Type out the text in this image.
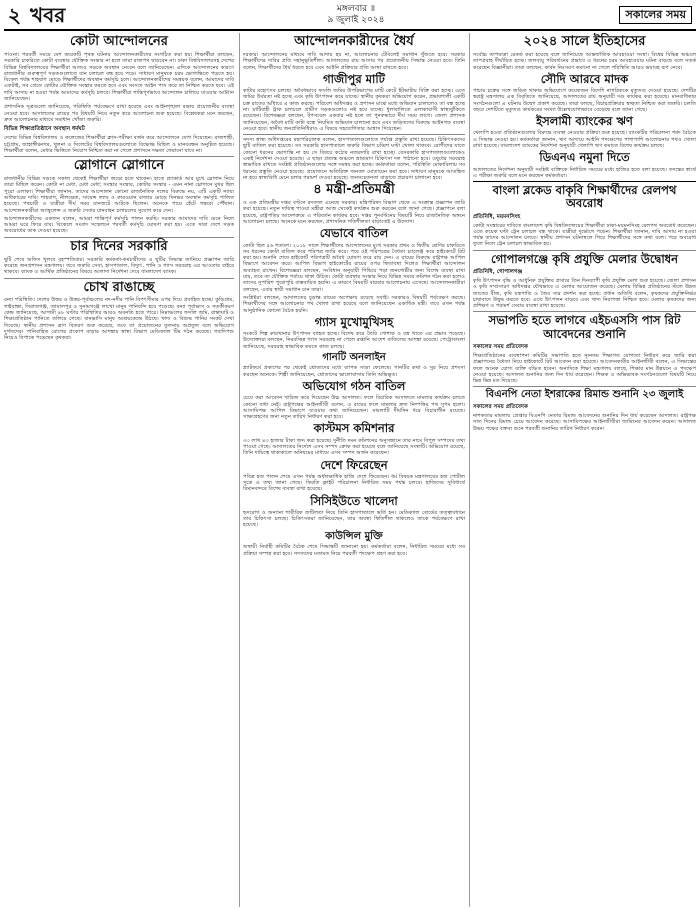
২ খবর	মঙ্গলবার ॥
৯ জুলাই ২০২৪	সকালের সময়
কোটা আন্দোলনের

পাওনা। পরবর্তী সময়ে বেশ কয়েকটি পৃথক ঘটনায় আন্দোলনকারীদের সংগঠিত করা হয়। শিক্ষার্থীরা বলছেন, সরকারি চাকরিতে কোটা ব্যবস্থার যৌক্তিক সংস্কার না হলে তারা রাজপথ ছাড়বেন না। ঢাকা বিশ্ববিদ্যালয়সহ দেশের বিভিন্ন বিশ্ববিদ্যালয়ের শিক্ষার্থীরা আজও সড়কে অবস্থান নেবেন বলে জানিয়েছেন। এদিকে আন্দোলনের কারণে রাজধানীর গুরুত্বপূর্ণ সড়কগুলোতে যান চলাচল বন্ধ হয়ে পড়ে। সাধারণ মানুষকে চরম ভোগান্তিতে পড়তে হয়। বিকেল পর্যন্ত শাহবাগ মোড়ে শিক্ষার্থীদের অবস্থান কর্মসূচি চলে। আন্দোলনকারীদের সমন্বয়ক বলেন, আমাদের দাবি একটাই, সব গ্রেডে কোটার যৌক্তিক সংস্কার করতে হবে এবং সংসদে আইন পাস করে তা নিশ্চিত করতে হবে। এই দাবি আদায় না হওয়া পর্যন্ত আমাদের কর্মসূচি চলবে। শিক্ষার্থীরা শান্তিপূর্ণভাবে আন্দোলন চালিয়ে যাওয়ার আহ্বান জানিয়েছেন।

প্রশাসনিক সূত্রগুলো জানিয়েছে, পরিস্থিতি পর্যবেক্ষণে রাখা হয়েছে এবং আইনশৃঙ্খলা রক্ষায় প্রয়োজনীয় ব্যবস্থা নেওয়া হবে। আদালতের রায়ের পর বিষয়টি নিয়ে নতুন করে আলোচনা শুরু হয়েছে। বিশ্লেষকরা মনে করছেন, দ্রুত আলোচনার মাধ্যমে সমাধান খোঁজা জরুরি।

বিভিন্ন শিক্ষাপ্রতিষ্ঠানে অবস্থান ধর্মঘট

দেশের বিভিন্ন বিশ্ববিদ্যালয় ও কলেজের শিক্ষার্থীরা ক্লাস-পরীক্ষা বর্জন করে আন্দোলনে যোগ দিয়েছেন। রাজশাহী, চট্টগ্রাম, জাহাঙ্গীরনগর, খুলনা ও সিলেটের বিশ্ববিদ্যালয়গুলোতে বিক্ষোভ মিছিল ও মানববন্ধন অনুষ্ঠিত হয়েছে। শিক্ষার্থীরা বলেন, মেধার ভিত্তিতে নিয়োগ নিশ্চিত করা না গেলে প্রশাসনে দক্ষতা ফেরানো যাবে না।

স্লোগানে স্লোগানে

রাজধানীর বিভিন্ন সড়কে সকাল থেকেই শিক্ষার্থীরা জড়ো হতে থাকেন। হাতে প্ল্যাকার্ড আর মুখে স্লোগান নিয়ে তারা মিছিল করেন। কোটা না মেধা, মেধা মেধা; সংস্কার সংস্কার, কোটার সংস্কার - এমন নানা স্লোগানে মুখর ছিল পুরো এলাকা। শিক্ষার্থীরা জানান, তাদের আন্দোলন কোনো রাজনৈতিক দলের বিরুদ্ধে নয়, এটি একটি ন্যায্য অধিকারের দাবি। শাহবাগ, নীলক্ষেত, সায়েন্স ল্যাব ও কারওয়ান বাজার মোড়ে দিনভর অবস্থান কর্মসূচি পালিত হয়েছে। পথচারী ও যাত্রীরা দীর্ঘ সময় যানজটে আটকে ছিলেন। অনেকে পায়ে হেঁটে গন্তব্যে পৌঁছান। আন্দোলনকারীরা অ্যাম্বুলেন্স ও জরুরি সেবার যানবাহন চলাচলের সুযোগ করে দেন।

আন্দোলনকারীদের একজন বলেন, আমরা শান্তিপূর্ণ কর্মসূচি পালন করছি। সরকার আমাদের দাবি মেনে নিলে আমরা ঘরে ফিরে যাব। বিকেলে সংবাদ সম্মেলনে পরবর্তী কর্মসূচি ঘোষণা করা হয়। এতে সারা দেশে সড়ক অবরোধের ডাক দেওয়া হয়েছে।

চার দিনের সরকারি

ছুটি শেষে অফিস খুলবে বৃহস্পতিবার। সরকারি কর্মকর্তা-কর্মচারীদের এ ছুটির সিদ্ধান্ত জানিয়ে প্রজ্ঞাপন জারি করেছে জনপ্রশাসন মন্ত্রণালয়। তবে জরুরি সেবা, হাসপাতাল, বিদ্যুৎ, পানি ও গ্যাস সরবরাহ এর আওতার বাইরে থাকবে। ব্যাংক ও আর্থিক প্রতিষ্ঠানের বিষয়ে আলাদা নির্দেশনা দেবে বাংলাদেশ ব্যাংক।

চোখ রাঙাচ্ছে

বন্যা পরিস্থিতি। দেশের উত্তর ও উত্তর-পূর্বাঞ্চলের নদ-নদীর পানি বিপৎসীমার ওপর দিয়ে প্রবাহিত হচ্ছে। কুড়িগ্রাম, গাইবান্ধা, সিরাজগঞ্জ, জামালপুর ও সুনামগঞ্জে লাখো মানুষ পানিবন্দি হয়ে পড়েছে। বন্যা পূর্বাভাস ও সতর্কীকরণ কেন্দ্র জানিয়েছে, আগামী ৪৮ ঘণ্টায় পরিস্থিতির আরও অবনতি হতে পারে। নিম্নাঞ্চলের ফসলি জমি, রাস্তাঘাট ও শিক্ষাপ্রতিষ্ঠান পানিতে তলিয়ে গেছে। বানভাসি মানুষ আশ্রয়কেন্দ্রে উঠছে। খাদ্য ও বিশুদ্ধ পানির সংকট দেখা দিয়েছে। স্থানীয় প্রশাসন ত্রাণ বিতরণ শুরু করেছে, তবে তা প্রয়োজনের তুলনায় অপ্রতুল বলে অভিযোগ দুর্গতদের। পানিবাহিত রোগের প্রকোপ বাড়ার আশঙ্কায় স্বাস্থ্য বিভাগ মেডিক্যাল টিম গঠন করেছে। গবাদিপশু নিয়েও বিপাকে পড়েছেন কৃষকরা।

আন্দোলনকারীদের ধৈর্য

দরকার। আন্দোলনের মাধ্যমে দাবি আদায় হয় না, আলোচনার টেবিলেই সমাধান খুঁজতে হবে। সরকার শিক্ষার্থীদের দাবির প্রতি সহানুভূতিশীল। আদালতের রায় আসার পর প্রয়োজনীয় সিদ্ধান্ত নেওয়া হবে। তিনি বলেন, শিক্ষার্থীদের ধৈর্য ধরতে হবে এবং আইনি প্রক্রিয়ার প্রতি আস্থা রাখতে হবে।

গাজীপুর মাটি

কাটার মহোৎসব চলছে। অবৈধভাবে ফসলি জমির উপরিভাগের মাটি কেটে ইটভাটায় বিক্রি করা হচ্ছে। এতে জমির উর্বরতা নষ্ট হচ্ছে এবং কৃষি উৎপাদন কমে যাচ্ছে। স্থানীয় কৃষকরা অভিযোগ করেন, প্রভাবশালী একটি চক্র রাতের আঁধারে এ কাজ করছে। পরিবেশ অধিদপ্তর ও প্রশাসন মাঝে মধ্যে অভিযান চালালেও তা বন্ধ হচ্ছে না। মাটিবাহী ট্রাক চলাচলে গ্রামীণ সড়কগুলোও নষ্ট হয়ে যাচ্ছে। ধুলাবালিতে এলাকাবাসী স্বাস্থ্যঝুঁকিতে রয়েছেন। বিশেষজ্ঞরা বলছেন, টপসয়েল একবার নষ্ট হলে তা পুনরুদ্ধারে দীর্ঘ সময় লাগে। জেলা প্রশাসক জানিয়েছেন, অবৈধ মাটি কাটা বন্ধে নিয়মিত অভিযান চালানো হবে এবং জড়িতদের বিরুদ্ধে আইনগত ব্যবস্থা নেওয়া হবে। স্থানীয় জনপ্রতিনিধিরাও এ বিষয়ে সহযোগিতার আশ্বাস দিয়েছেন।

সদস্য স্বাস্থ্য অধিদপ্তরের মহাপরিচালক বলেন, হাসপাতালগুলোতে পর্যাপ্ত প্রস্তুতি রাখা হয়েছে। চিকিৎসকদের ছুটি বাতিল করা হয়েছে। সব সরকারি হাসপাতালে জরুরি বিভাগ চব্বিশ ঘণ্টা খোলা থাকবে। রোগীদের যাতে কোনো ধরনের ভোগান্তি না হয় সে বিষয়ে কঠোর নজরদারি রাখা হচ্ছে। বেসরকারি হাসপাতালগুলোকেও একই নির্দেশনা দেওয়া হয়েছে। এ ছাড়া প্রত্যন্ত অঞ্চলে ভ্রাম্যমাণ চিকিৎসা দল পাঠানো হবে। ওষুধের সরবরাহ স্বাভাবিক রাখতে সংশ্লিষ্ট প্রতিষ্ঠানগুলোর সঙ্গে সমন্বয় করা হচ্ছে। কর্মকর্তারা বলেন, পরিস্থিতি মোকাবিলায় সব ধরনের প্রস্তুতি নেওয়া হয়েছে। প্রয়োজনে অতিরিক্ত জনবল মোতায়েন করা হবে। সাধারণ মানুষকে আতঙ্কিত না হয়ে স্বাস্থ্যবিধি মেনে চলার পরামর্শ দেওয়া হয়েছে। জনসচেতনতা বাড়াতে প্রচারণা চালানো হবে।

৪ মন্ত্রী-প্রতিমন্ত্রী

ও এক প্রতিমন্ত্রীর দপ্তর বণ্টনে রদবদল এনেছে সরকার। মন্ত্রিপরিষদ বিভাগ থেকে এ সংক্রান্ত প্রজ্ঞাপন জারি করা হয়েছে। নতুন দায়িত্ব পাওয়া মন্ত্রীরা আজ থেকেই কার্যক্রম শুরু করবেন বলে জানা গেছে। প্রজ্ঞাপনে বলা হয়েছে, রাষ্ট্রপতির আদেশক্রমে এ পরিবর্তন কার্যকর হবে। দপ্তর পুনর্বণ্টনের বিষয়টি নিয়ে রাজনৈতিক অঙ্গনে আলোচনা চলছে। অনেকে মনে করছেন, প্রশাসনিক গতিশীলতা বাড়াতেই এ উদ্যোগ।

যেভাবে বাতিল

কোটা ছিল ৫৬ শতাংশ। ২০১৮ সালে শিক্ষার্থীদের আন্দোলনের মুখে সরকার প্রথম ও দ্বিতীয় শ্রেণির চাকরিতে সব ধরনের কোটা বাতিল করে পরিপত্র জারি করে। পরে ওই পরিপত্রের বৈধতা চ্যালেঞ্জ করে হাইকোর্টে রিট করা হয়। শুনানি শেষে হাইকোর্ট পরিপত্রটি অবৈধ ঘোষণা করে রায় দেন। এ রায়ের বিরুদ্ধে রাষ্ট্রপক্ষ আপিল বিভাগে আবেদন করে। আপিল বিভাগ হাইকোর্টের রায়ের ওপর স্থিতাবস্থা দিলেও শিক্ষার্থীরা আন্দোলন অব্যাহত রাখেন। বিশেষজ্ঞরা বলছেন, সংবিধান অনুযায়ী পিছিয়ে পড়া জনগোষ্ঠীর জন্য বিশেষ ব্যবস্থা রাখা যায়, তবে তা যৌক্তিক পর্যায়ে থাকা উচিত। কোটা ব্যবস্থার সংস্কার নিয়ে বিভিন্ন সময়ে কমিশন গঠন করা হলেও তাদের সুপারিশ পুরোপুরি বাস্তবায়িত হয়নি। এ কারণে বিষয়টি বারবার আলোচনায় এসেছে। আন্দোলনকারীরা বলছেন, এবার স্থায়ী সমাধান চান তারা।

সংশ্লিষ্টরা বলছেন, আদালতের চূড়ান্ত রায়ের অপেক্ষায় রয়েছে সবাই। সরকারও বিষয়টি পর্যবেক্ষণ করছে। শিক্ষার্থীদের সঙ্গে আলোচনার পথ খোলা রাখা হয়েছে বলে জানিয়েছেন একাধিক মন্ত্রী। তবে এখন পর্যন্ত আনুষ্ঠানিক কোনো বৈঠক হয়নি।

গ্যাস মুখোমুখিসহ

সংকটে শিল্প কারখানার উৎপাদন ব্যাহত হচ্ছে। বিশেষ করে তৈরি পোশাক ও বস্ত্র খাতে এর প্রভাব পড়েছে। উদ্যোক্তারা বলছেন, নিরবচ্ছিন্ন গ্যাস সরবরাহ না পেলে রপ্তানি আদেশ বাতিলের আশঙ্কা রয়েছে। পেট্রোবাংলা জানিয়েছে, সরবরাহ স্বাভাবিক করতে কাজ চলছে।

গানটি অনলাইন

প্ল্যাটফর্মে প্রকাশের পর থেকেই শ্রোতাদের মধ্যে ব্যাপক সাড়া ফেলেছে। গানটির কথা ও সুর নিয়ে প্রশংসা করছেন অনেকে। শিল্পী জানিয়েছেন, শ্রোতাদের ভালোবাসায় তিনি অভিভূত।

অভিযোগ গঠন বাতিল

চেয়ে করা আবেদন খারিজ করে দিয়েছেন উচ্চ আদালত। ফলে বিচারিক আদালতে মামলার কার্যক্রম চলতে কোনো বাধা নেই। রাষ্ট্রপক্ষের আইনজীবী বলেন, এ রায়ের ফলে মামলার দ্রুত নিষ্পত্তির পথ সুগম হলো। আসামিপক্ষ আপিল বিভাগে যাওয়ার কথা জানিয়েছেন। মামলাটি দীর্ঘদিন ধরে বিচারাধীন রয়েছে। সাক্ষ্যগ্রহণের জন্য নতুন তারিখ নির্ধারণ করা হবে।

কাস্টমস কমিশনার

৩৩ লাখ ৪৩ হাজার টাকা জব্দ করা হয়েছে। দুর্নীতি দমন কমিশনের অনুসন্ধানে তার নামে বিপুল সম্পদের তথ্য পাওয়া গেছে। আদালতের নির্দেশে এসব সম্পদ ক্রোক করা হয়েছে বলে জানিয়েছে সংস্থাটি। অভিযোগ রয়েছে, তিনি দায়িত্বে থাকাকালে অনিয়মের মাধ্যমে এসব সম্পদ অর্জন করেছেন।

দেশে ফিরেছেন

পবিত্র হজ পালন শেষে এখন পর্যন্ত অর্ধলক্ষাধিক হাজি দেশে ফিরেছেন। ধর্ম বিষয়ক মন্ত্রণালয়ের হজ পোর্টাল সূত্রে এ তথ্য জানা গেছে। ফিরতি ফ্লাইট পরিচালনা নির্ধারিত সময় পর্যন্ত চলবে। হাজিদের সুবিধার্থে বিমানবন্দরে বিশেষ ব্যবস্থা রাখা হয়েছে।

সিসিইউতে খালেদা

হৃদরোগ ও অন্যান্য শারীরিক জটিলতা নিয়ে তিনি হাসপাতালে ভর্তি হন। মেডিক্যাল বোর্ডের তত্ত্বাবধানে তার চিকিৎসা চলছে। চিকিৎসকরা জানিয়েছেন, তার অবস্থা স্থিতিশীল থাকলেও তাকে পর্যবেক্ষণে রাখা হয়েছে।

কাউন্সিল মুক্তি

অস্থায়ী নির্বাহী কমিটির বৈঠক শেষে সিদ্ধান্তটি জানানো হয়। কর্মকর্তারা বলেন, নির্ধারিত সময়ের মধ্যে সব প্রক্রিয়া সম্পন্ন করা হবে। সদস্যদের মতামত নিয়ে পরবর্তী পদক্ষেপ গ্রহণ করা হবে।

২০২৪ সালে ইতিহাসের

সর্বোচ্চ তাপমাত্রা রেকর্ড করা হয়েছে বলে জানিয়েছে আন্তর্জাতিক আবহাওয়া সংস্থা। বিশ্বের বিভিন্ন অঞ্চলে তাপপ্রবাহ দীর্ঘায়িত হচ্ছে। জলবায়ু পরিবর্তনের প্রভাবে এ ধরনের চরম আবহাওয়ার ঘটনা বাড়ছে বলে সতর্ক করেছেন বিজ্ঞানীরা। তারা বলছেন, কার্বন নিঃসরণ কমানো না গেলে পরিস্থিতি আরও ভয়াবহ রূপ নেবে।

সৌদি আরবে মাদক

পাচার চক্রের সঙ্গে জড়িত থাকার অভিযোগে কয়েকজন বিদেশি নাগরিককে মৃত্যুদণ্ড দেওয়া হয়েছে। দেশটির স্বরাষ্ট্র মন্ত্রণালয় এক বিবৃতিতে জানিয়েছে, আদালতের রায় অনুযায়ী দণ্ড কার্যকর করা হয়েছে। মানবাধিকার সংগঠনগুলো এ ঘটনায় উদ্বেগ প্রকাশ করেছে। তারা বলছে, বিচারপ্রক্রিয়ার স্বচ্ছতা নিশ্চিত করা জরুরি। চলতি বছরে দেশটিতে মৃত্যুদণ্ড কার্যকরের সংখ্যা উল্লেখযোগ্যভাবে বেড়েছে বলে জানা গেছে।

ইসলামী ব্যাংকের ঋণ

খেলাপি হওয়া প্রতিষ্ঠানগুলোর বিরুদ্ধে ব্যবস্থা নেওয়ার প্রক্রিয়া শুরু হয়েছে। ব্যাংকটির পরিচালনা পর্ষদ বৈঠকে এ সিদ্ধান্ত নেওয়া হয়। কর্মকর্তারা জানান, ঋণ আদায়ে আইনি পদক্ষেপের পাশাপাশি আলোচনার পথও খোলা রাখা হয়েছে। বাংলাদেশ ব্যাংকের নির্দেশনা অনুযায়ী খেলাপি ঋণ কমাতে বিশেষ কার্যক্রম চলছে।

ডিএনএ নমুনা দিতে

আদালতের নির্দেশনা অনুযায়ী সংশ্লিষ্ট ব্যক্তিকে নির্ধারিত সময়ের মধ্যে হাজির হতে বলা হয়েছে। তদন্তের স্বার্থে এ পরীক্ষা জরুরি বলে মনে করছেন কর্মকর্তারা।

বাংলা ব্লকেড বাকৃবি শিক্ষার্থীদের রেলপথ অবরোধ
প্রতিনিধি, ময়মনসিংহ

কোটা সংস্কারের দাবিতে বাংলাদেশ কৃষি বিশ্ববিদ্যালয়ের শিক্ষার্থীরা ঢাকা-ময়মনসিংহ রেলপথ অবরোধ করেছেন। এতে কয়েক ঘণ্টা ট্রেন চলাচল বন্ধ থাকে। যাত্রীরা দুর্ভোগে পড়েন। শিক্ষার্থীরা জানান, দাবি আদায় না হওয়া পর্যন্ত তাদের আন্দোলন চলবে। স্থানীয় প্রশাসন ঘটনাস্থলে গিয়ে শিক্ষার্থীদের সঙ্গে কথা বলে। পরে অবরোধ তুলে নিলে ট্রেন চলাচল স্বাভাবিক হয়।

গোপালগঞ্জে কৃষি প্রযুক্তি মেলার উদ্বোধন
প্রতিনিধি, গোপালগঞ্জ

কৃষি উৎপাদন বৃদ্ধি ও আধুনিক প্রযুক্তির প্রসারে তিন দিনব্যাপী কৃষি প্রযুক্তি মেলা শুরু হয়েছে। জেলা প্রশাসন ও কৃষি সম্প্রসারণ অধিদপ্তর যৌথভাবে এ মেলার আয়োজন করেছে। মেলায় বিভিন্ন প্রতিষ্ঠানের স্টলে উন্নত জাতের বীজ, কৃষি যন্ত্রপাতি ও জৈব সার প্রদর্শন করা হচ্ছে। প্রধান অতিথি বলেন, কৃষকদের প্রযুক্তিনির্ভর চাষাবাদে উদ্বুদ্ধ করতে হবে। এতে উৎপাদন বাড়বে এবং খাদ্য নিরাপত্তা নিশ্চিত হবে। মেলায় কৃষকদের জন্য প্রশিক্ষণ ও পরামর্শ সেবার ব্যবস্থা রাখা হয়েছে।

সভাপতি হতে লাগবে এইচএসসি পাস রিট আবেদনের শুনানি
সকালের সময় প্রতিবেদক

শিক্ষাপ্রতিষ্ঠানের ব্যবস্থাপনা কমিটির সভাপতি হতে ন্যূনতম শিক্ষাগত যোগ্যতা নির্ধারণ করে জারি করা প্রজ্ঞাপনের বৈধতা নিয়ে হাইকোর্টে রিট আবেদন করা হয়েছে। আবেদনকারীর আইনজীবী বলেন, এ সিদ্ধান্তের ফলে অনেক যোগ্য ব্যক্তি বঞ্চিত হবেন। অন্যদিকে শিক্ষা মন্ত্রণালয় বলছে, শিক্ষার মান উন্নয়নে এ পদক্ষেপ নেওয়া হয়েছে। আদালত শুনানির জন্য দিন ধার্য করেছেন। শিক্ষক ও অভিভাবক সংগঠনগুলো বিষয়টি নিয়ে ভিন্ন ভিন্ন মত দিয়েছে।

বিএনপি নেতা ইশরাকের রিমান্ড শুনানি ২৩ জুলাই
সকালের সময় প্রতিবেদক

নাশকতার মামলায় গ্রেপ্তার বিএনপি নেতার রিমান্ড আবেদনের শুনানির দিন ধার্য করেছেন আদালত। রাষ্ট্রপক্ষ সাত দিনের রিমান্ড চেয়ে আবেদন করেছে। আসামিপক্ষের আইনজীবীরা জামিনের আবেদন করেন। আদালত উভয় পক্ষের বক্তব্য শুনে পরবর্তী শুনানির তারিখ নির্ধারণ করেন।
